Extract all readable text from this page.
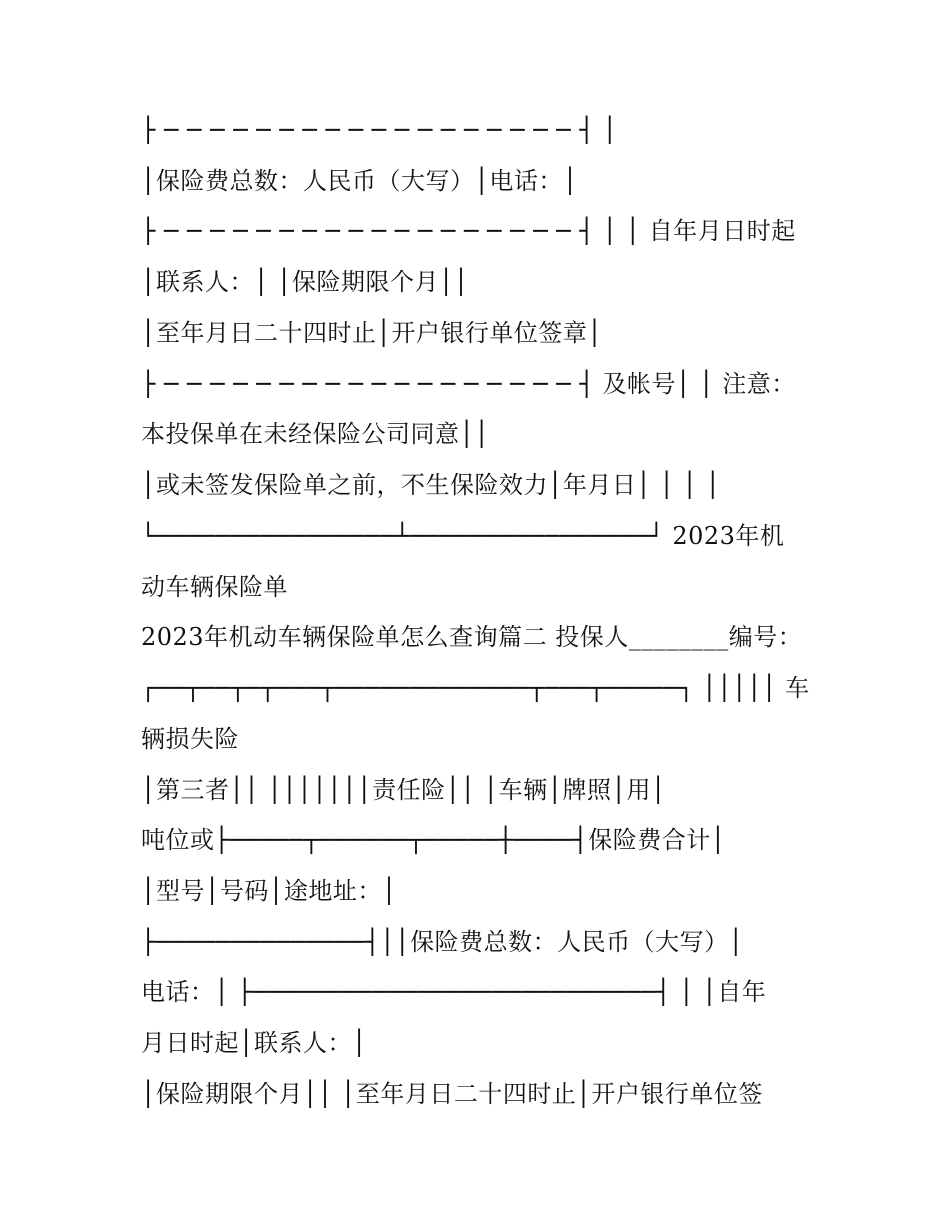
├ ─ ─ ─ ─ ─ ─ ─ ─ ─ ─ ─ ─ ─ ─ ─ ─ ─ ─ ┤ │
│保险费总数：人民币（大写）│电话：│
├ ─ ─ ─ ─ ─ ─ ─ ─ ─ ─ ─ ─ ─ ─ ─ ─ ─ ─ ┤ │ │ 自年月日时起
│联系人：│ │保险期限个月││
│至年月日二十四时止│开户银行单位签章│
├ ─ ─ ─ ─ ─ ─ ─ ─ ─ ─ ─ ─ ─ ─ ─ ─ ─ ─ ┤ 及帐号│ │ 注意：
本投保单在未经保险公司同意││
│或未签发保险单之前，不生保险效力│年月日│ │ │ │
└────────────────┴────────────────┘ 2023年机
动车辆保险单
2023年机动车辆保险单怎么查询篇二 投保人________编号：
┌──┬──┬─┬───┬─────────────┬───┬─────┐ │││││ 车
辆损失险
│第三者││ │││││││责任险││ │车辆│牌照│用│
吨位或├─────┬──────┬─────┼────┤保险费合计│
│型号│号码│途地址：│
├──────────────┤││保险费总数：人民币（大写）│
电话：│ ├───────────────────────────┤ │ │自年
月日时起│联系人：│
│保险期限个月││ │至年月日二十四时止│开户银行单位签
